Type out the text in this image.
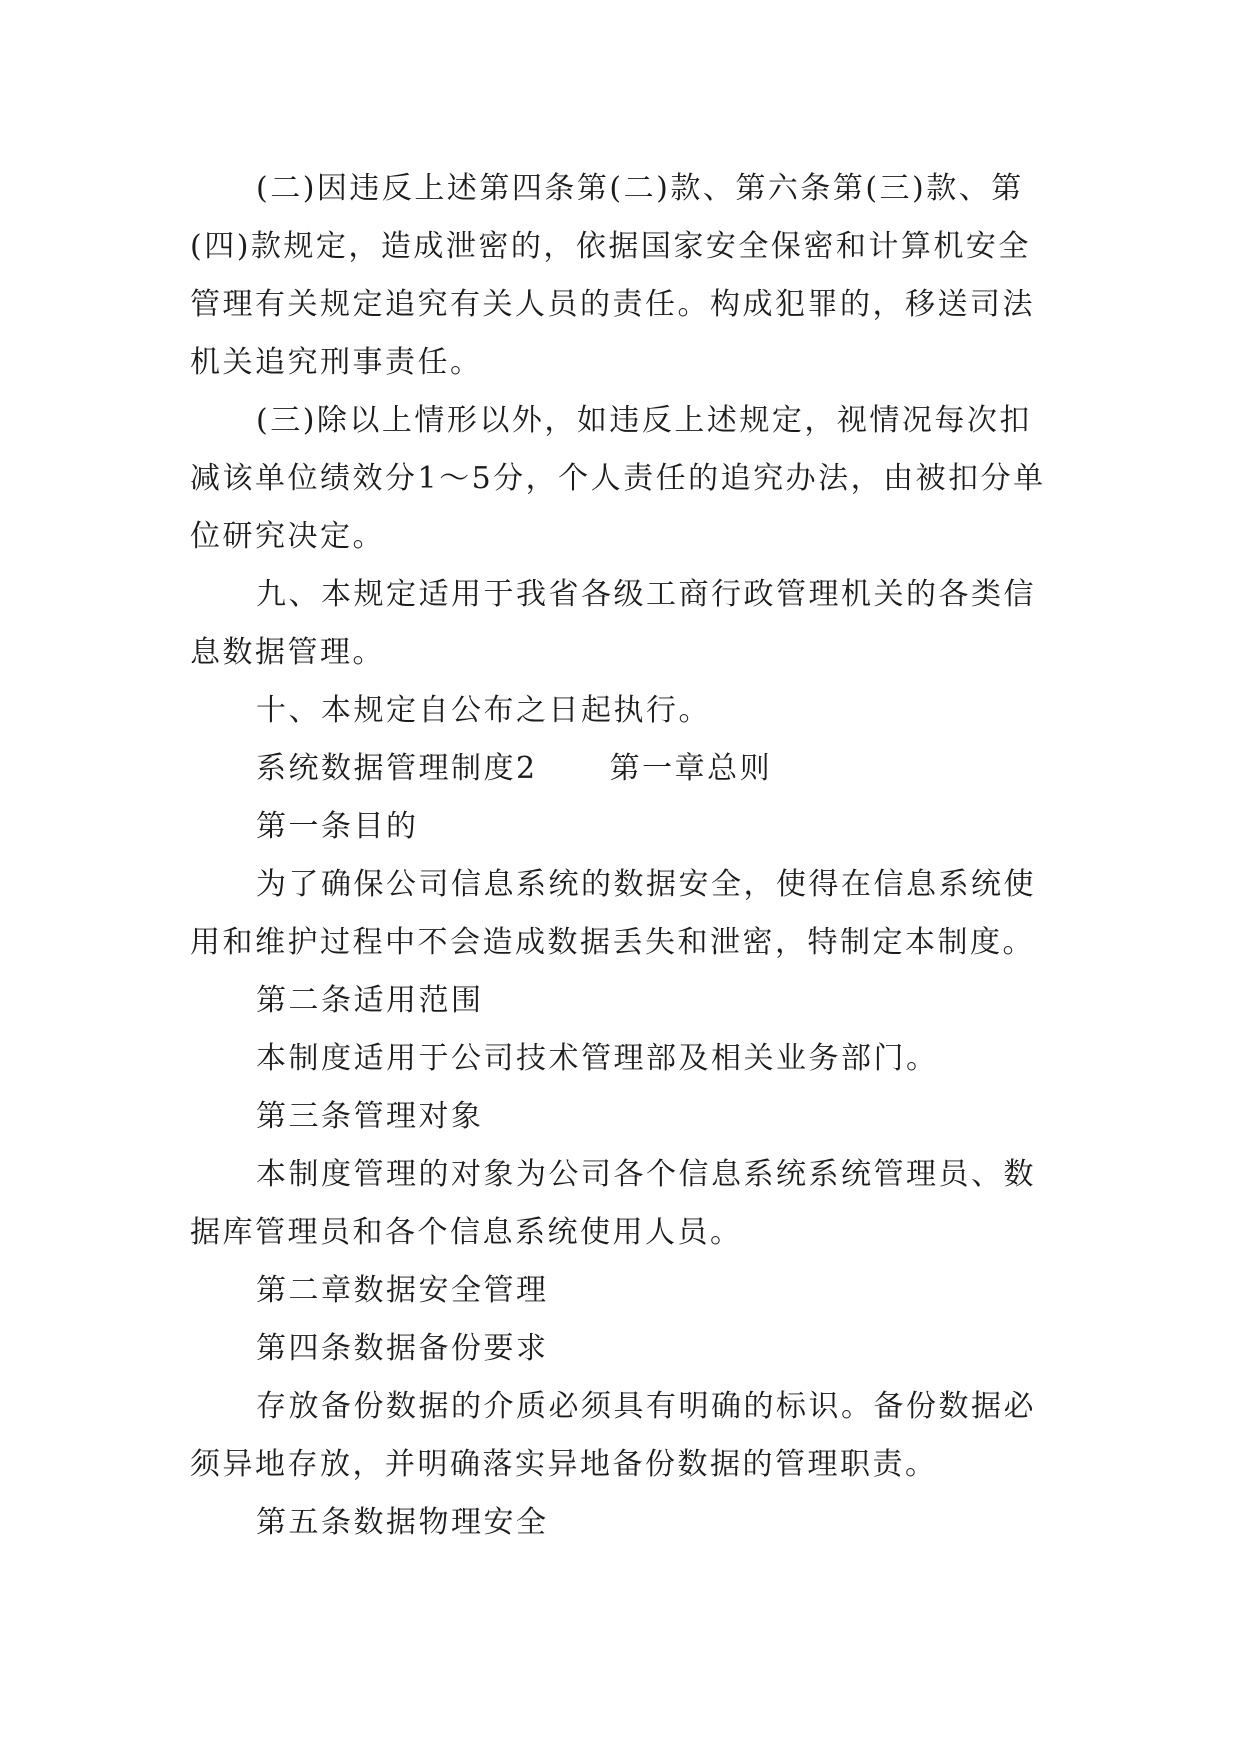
(二)因违反上述第四条第(二)款、第六条第(三)款、第(四)款规定，造成泄密的，依据国家安全保密和计算机安全管理有关规定追究有关人员的责任。构成犯罪的，移送司法机关追究刑事责任。

(三)除以上情形以外，如违反上述规定，视情况每次扣减该单位绩效分1～5分，个人责任的追究办法，由被扣分单位研究决定。

九、本规定适用于我省各级工商行政管理机关的各类信息数据管理。

十、本规定自公布之日起执行。

系统数据管理制度2 第一章总则

第一条目的

为了确保公司信息系统的数据安全，使得在信息系统使用和维护过程中不会造成数据丢失和泄密，特制定本制度。

第二条适用范围

本制度适用于公司技术管理部及相关业务部门。

第三条管理对象

本制度管理的对象为公司各个信息系统系统管理员、数据库管理员和各个信息系统使用人员。

第二章数据安全管理

第四条数据备份要求

存放备份数据的介质必须具有明确的标识。备份数据必须异地存放，并明确落实异地备份数据的管理职责。

第五条数据物理安全
